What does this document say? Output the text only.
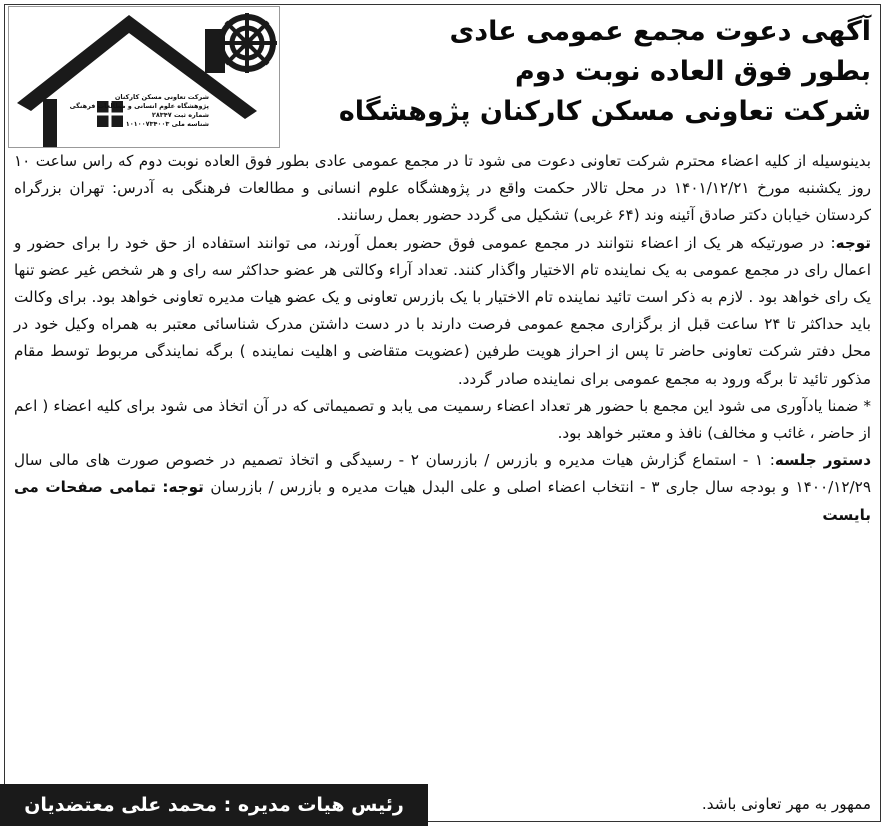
شرکت تعاونی مسکن کارکنان
پژوهشگاه علوم انسانی و مطالعات فرهنگی
شماره ثبت ۲۸۳۴۷
شناسه ملی ۱۰۱۰۰۷۳۴۰۰۳
آگهی دعوت مجمع عمومی عادی
بطور فوق العاده نوبت دوم
شرکت تعاونی مسکن کارکنان پژوهشگاه

بدینوسیله از کلیه اعضاء محترم شرکت تعاونی دعوت می شود تا در مجمع عمومی عادی بطور فوق العاده نوبت دوم که راس ساعت ۱۰ روز یکشنبه مورخ ۱۴۰۱/۱۲/۲۱ در محل تالار حکمت واقع در پژوهشگاه علوم انسانی و مطالعات فرهنگی به آدرس: تهران بزرگراه کردستان خیابان دکتر صادق آئینه وند (۶۴ غربی) تشکیل می گردد حضور بعمل رسانند.

توجه: در صورتیکه هر یک از اعضاء نتوانند در مجمع عمومی فوق حضور بعمل آورند، می توانند استفاده از حق خود را برای حضور و اعمال رای در مجمع عمومی به یک نماینده تام الاختیار واگذار کنند. تعداد آراء وکالتی هر عضو حداکثر سه رای و هر شخص غیر عضو تنها یک رای خواهد بود . لازم به ذکر است تائید نماینده تام الاختیار با یک بازرس تعاونی و یک عضو هیات مدیره تعاونی خواهد بود. برای وکالت باید حداکثر تا ۲۴ ساعت قبل از برگزاری مجمع عمومی فرصت دارند با در دست داشتن مدرک شناسائی معتبر به همراه وکیل خود در محل دفتر شرکت تعاونی حاضر تا پس از احراز هویت طرفین (عضویت متقاضی و اهلیت نماینده ) برگه نمایندگی مربوط توسط مقام مذکور تائید تا برگه ورود به مجمع عمومی برای نماینده صادر گردد.

* ضمنا یادآوری می شود این مجمع با حضور هر تعداد اعضاء رسمیت می یابد و تصمیماتی که در آن اتخاذ می شود برای کلیه اعضاء ( اعم از حاضر ، غائب و مخالف) نافذ و معتبر خواهد بود.

دستور جلسه: ۱ - استماع گزارش هیات مدیره و بازرس / بازرسان ۲ - رسیدگی و اتخاذ تصمیم در خصوص صورت های مالی سال ۱۴۰۰/۱۲/۲۹ و بودجه سال جاری ۳ - انتخاب اعضاء اصلی و علی البدل هیات مدیره و بازرس / بازرسان توجه: تمامی صفحات می بایست

ممهور به مهر تعاونی باشد.
رئیس هیات مدیره : محمد علی معتضدیان
